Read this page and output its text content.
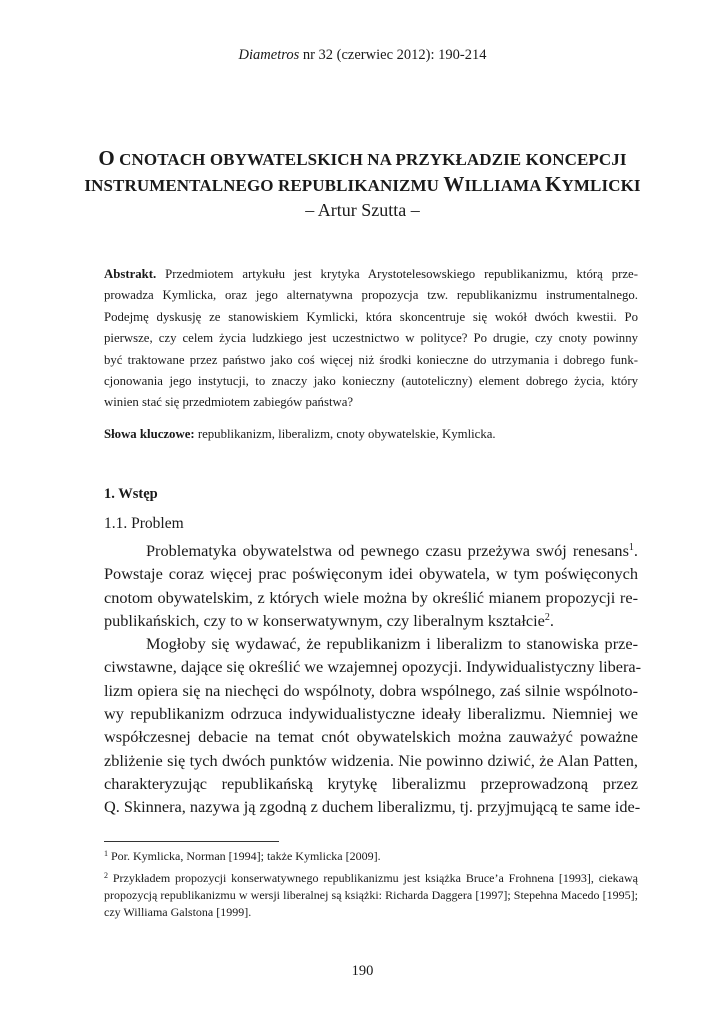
Diametros nr 32 (czerwiec 2012): 190-214
O CNOTACH OBYWATELSKICH NA PRZYKŁADZIE KONCEPCJI
INSTRUMENTALNEGO REPUBLIKANIZMU WILLIAMA KYMLICKI
– Artur Szutta –
Abstrakt. Przedmiotem artykułu jest krytyka Arystotelesowskiego republikanizmu, którą prze-
prowadza Kymlicka, oraz jego alternatywna propozycja tzw. republikanizmu instrumentalnego.
Podejmę dyskusję ze stanowiskiem Kymlicki, która skoncentruje się wokół dwóch kwestii. Po
pierwsze, czy celem życia ludzkiego jest uczestnictwo w polityce? Po drugie, czy cnoty powinny
być traktowane przez państwo jako coś więcej niż środki konieczne do utrzymania i dobrego funk-
cjonowania jego instytucji, to znaczy jako konieczny (autoteliczny) element dobrego życia, który
winien stać się przedmiotem zabiegów państwa?
Słowa kluczowe: republikanizm, liberalizm, cnoty obywatelskie, Kymlicka.
1. Wstęp
1.1. Problem
Problematyka obywatelstwa od pewnego czasu przeżywa swój renesans$^1$.
Powstaje coraz więcej prac poświęconym idei obywatela, w tym poświęconych
cnotom obywatelskim, z których wiele można by określić mianem propozycji re-
publikańskich, czy to w konserwatywnym, czy liberalnym kształcie$^2$.
Mogłoby się wydawać, że republikanizm i liberalizm to stanowiska prze-
ciwstawne, dające się określić we wzajemnej opozycji. Indywidualistyczny libera-
lizm opiera się na niechęci do wspólnoty, dobra wspólnego, zaś silnie wspólnoto-
wy republikanizm odrzuca indywidualistyczne ideały liberalizmu. Niemniej we
współczesnej debacie na temat cnót obywatelskich można zauważyć poważne
zbliżenie się tych dwóch punktów widzenia. Nie powinno dziwić, że Alan Patten,
charakteryzując republikańską krytykę liberalizmu przeprowadzoną przez
Q. Skinnera, nazywa ją zgodną z duchem liberalizmu, tj. przyjmującą te same ide-
$^1$ Por. Kymlicka, Norman [1994]; także Kymlicka [2009].
$^2$ Przykładem propozycji konserwatywnego republikanizmu jest książka Bruce’a Frohnena [1993], ciekawą propozycją republikanizmu w wersji liberalnej są książki: Richarda Daggera [1997]; Stepehna Macedo [1995]; czy Williama Galstona [1999].
190
